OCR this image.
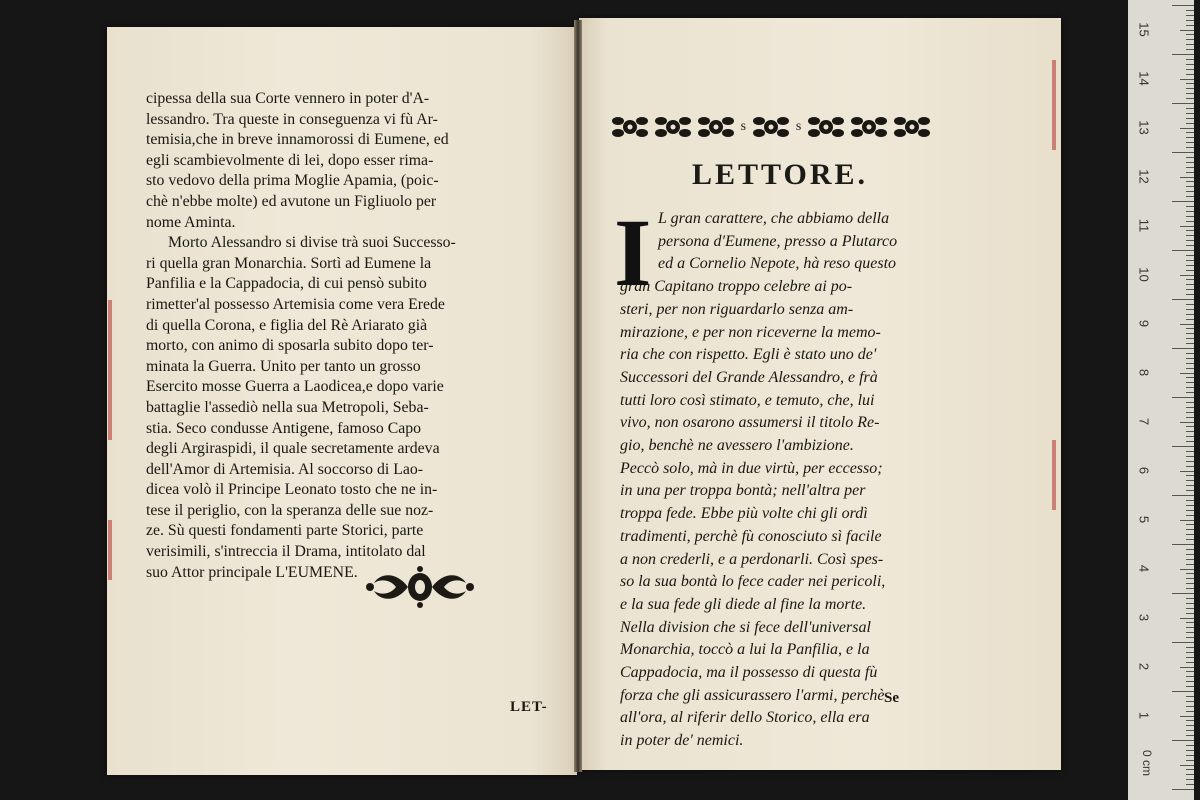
cipessa della sua Corte vennero in poter d'A-
lessandro. Tra queste in conseguenza vi fù Ar-
temisia,che in breve innamorossi di Eumene, ed
egli scambievolmente di lei, dopo esser rima-
sto vedovo della prima Moglie Apamia, (poic-
chè n'ebbe molte) ed avutone un Figliuolo per
nome Aminta.
Morto Alessandro si divise trà suoi Successo-
ri quella gran Monarchia. Sortì ad Eumene la
Panfilia e la Cappadocia, di cui pensò subito
rimetter'al possesso Artemisia come vera Erede
di quella Corona, e figlia del Rè Ariarato già
morto, con animo di sposarla subito dopo ter-
minata la Guerra. Unito per tanto un grosso
Esercito mosse Guerra a Laodicea,e dopo varie
battaglie l'assediò nella sua Metropoli, Seba-
stia. Seco condusse Antigene, famoso Capo
degli Argiraspidi, il quale secretamente ardeva
dell'Amor di Artemisia. Al soccorso di Lao-
dicea volò il Principe Leonato tosto che ne in-
tese il periglio, con la speranza delle sue noz-
ze. Sù questi fondamenti parte Storici, parte
verisimili, s'intreccia il Drama, intitolato dal
suo Attor principale L'EUMENE.
LET-
s	s
LETTORE.
I L gran carattere, che abbiamo della
persona d'Eumene, presso a Plutarco
ed a Cornelio Nepote, hà reso questo
gran Capitano troppo celebre ai po-
steri, per non riguardarlo senza am-
mirazione, e per non riceverne la memo-
ria che con rispetto. Egli è stato uno de'
Successori del Grande Alessandro, e frà
tutti loro così stimato, e temuto, che, lui
vivo, non osarono assumersi il titolo Re-
gio, benchè ne avessero l'ambizione.
Peccò solo, mà in due virtù, per eccesso;
in una per troppa bontà; nell'altra per
troppa fede. Ebbe più volte chi gli ordì
tradimenti, perchè fù conosciuto sì facile
a non crederli, e a perdonarli. Così spes-
so la sua bontà lo fece cader nei pericoli,
e la sua fede gli diede al fine la morte.
Nella division che si fece dell'universal
Monarchia, toccò a lui la Panfilia, e la
Cappadocia, ma il possesso di questa fù
forza che gli assicurassero l'armi, perchè
all'ora, al riferir dello Storico, ella era
in poter de' nemici.
Se
15
14
13
12
11
10
9
8
7
6
5
4
3
2
1
0 cm
